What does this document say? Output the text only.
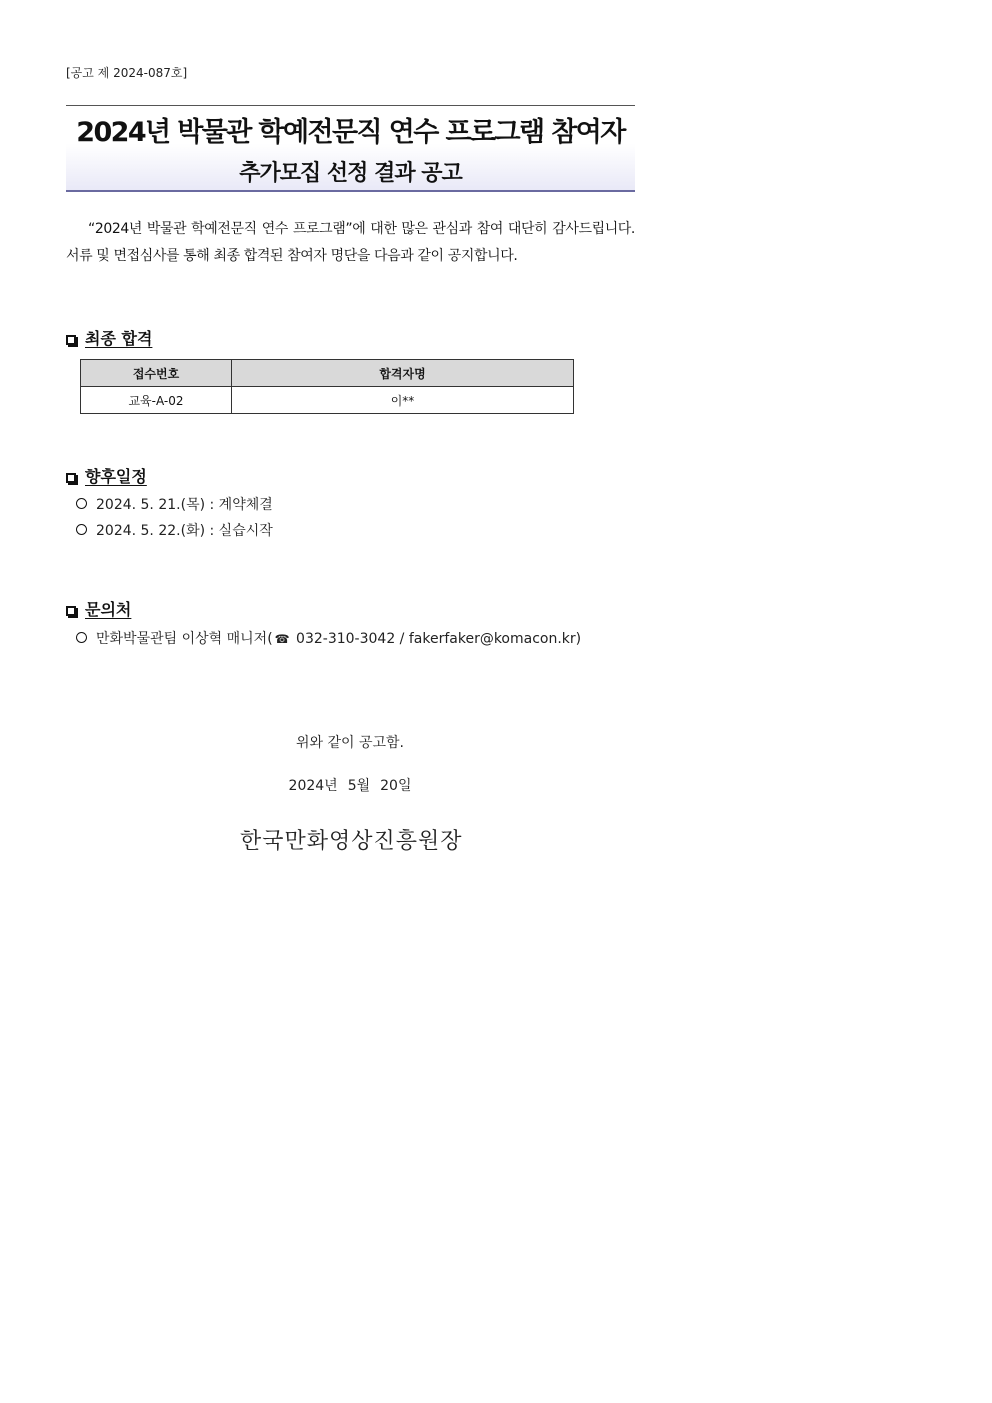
[공고 제 2024-087호]
2024년 박물관 학예전문직 연수 프로그램 참여자
추가모집 선정 결과 공고
“2024년 박물관 학예전문직 연수 프로그램”에 대한 많은 관심과 참여 대단히 감사드립니다. 서류 및 면접심사를 통해 최종 합격된 참여자 명단을 다음과 같이 공지합니다.
최종 합격
접수번호	합격자명
교육-A-02	이**
향후일정
2024. 5. 21.(목) : 계약체결
2024. 5. 22.(화) : 실습시작
문의처
만화박물관팀 이상혁 매니저( ☎ 032-310-3042 / fakerfaker@komacon.kr)
위와 같이 공고함.
2024년 5월 20일
한국만화영상진흥원장
